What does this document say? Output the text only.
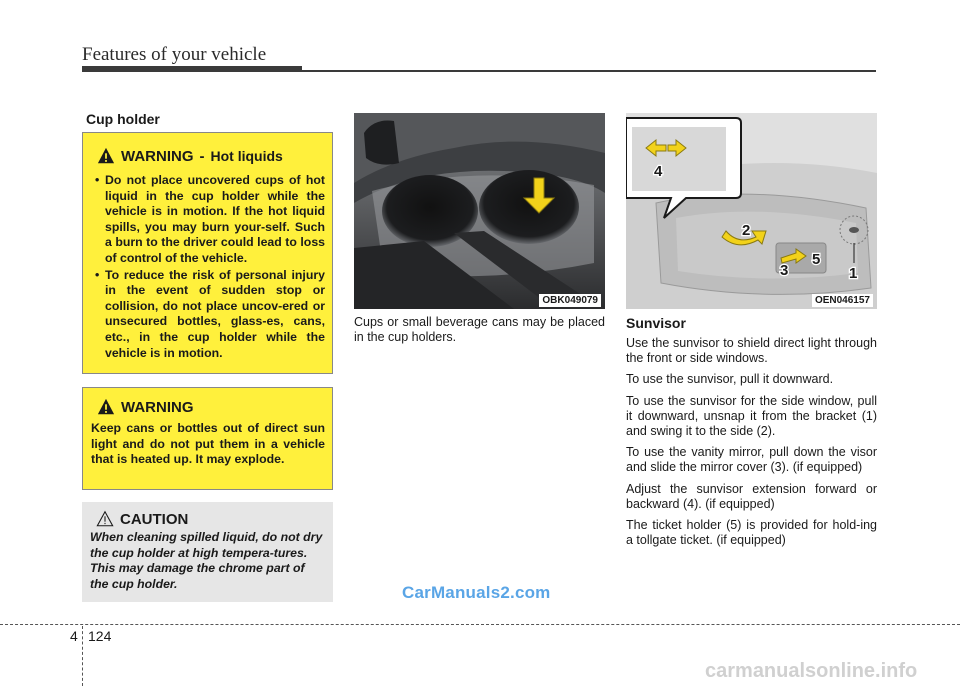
Features of your vehicle
Cup holder
WARNING - Hot liquids
• Do not place uncovered cups of hot liquid in the cup holder while the vehicle is in motion. If the hot liquid spills, you may burn your-self. Such a burn to the driver could lead to loss of control of the vehicle.
• To reduce the risk of personal injury in the event of sudden stop or collision, do not place uncov-ered or unsecured bottles, glass-es, cans, etc., in the cup holder while the vehicle is in motion.
WARNING

Keep cans or bottles out of direct sun light and do not put them in a vehicle that is heated up. It may explode.

CAUTION

When cleaning spilled liquid, do not dry the cup holder at high tempera-tures. This may damage the chrome part of the cup holder.

OBK049079
Cups or small beverage cans may be placed in the cup holders.
1
2
3
4
5
OEN046157
Sunvisor

Use the sunvisor to shield direct light through the front or side windows.

To use the sunvisor, pull it downward.

To use the sunvisor for the side window, pull it downward, unsnap it from the bracket (1) and swing it to the side (2).

To use the vanity mirror, pull down the visor and slide the mirror cover (3). (if equipped)

Adjust the sunvisor extension forward or backward (4). (if equipped)

The ticket holder (5) is provided for hold-ing a tollgate ticket. (if equipped)

CarManuals2.com
4 124
carmanualsonline.info
